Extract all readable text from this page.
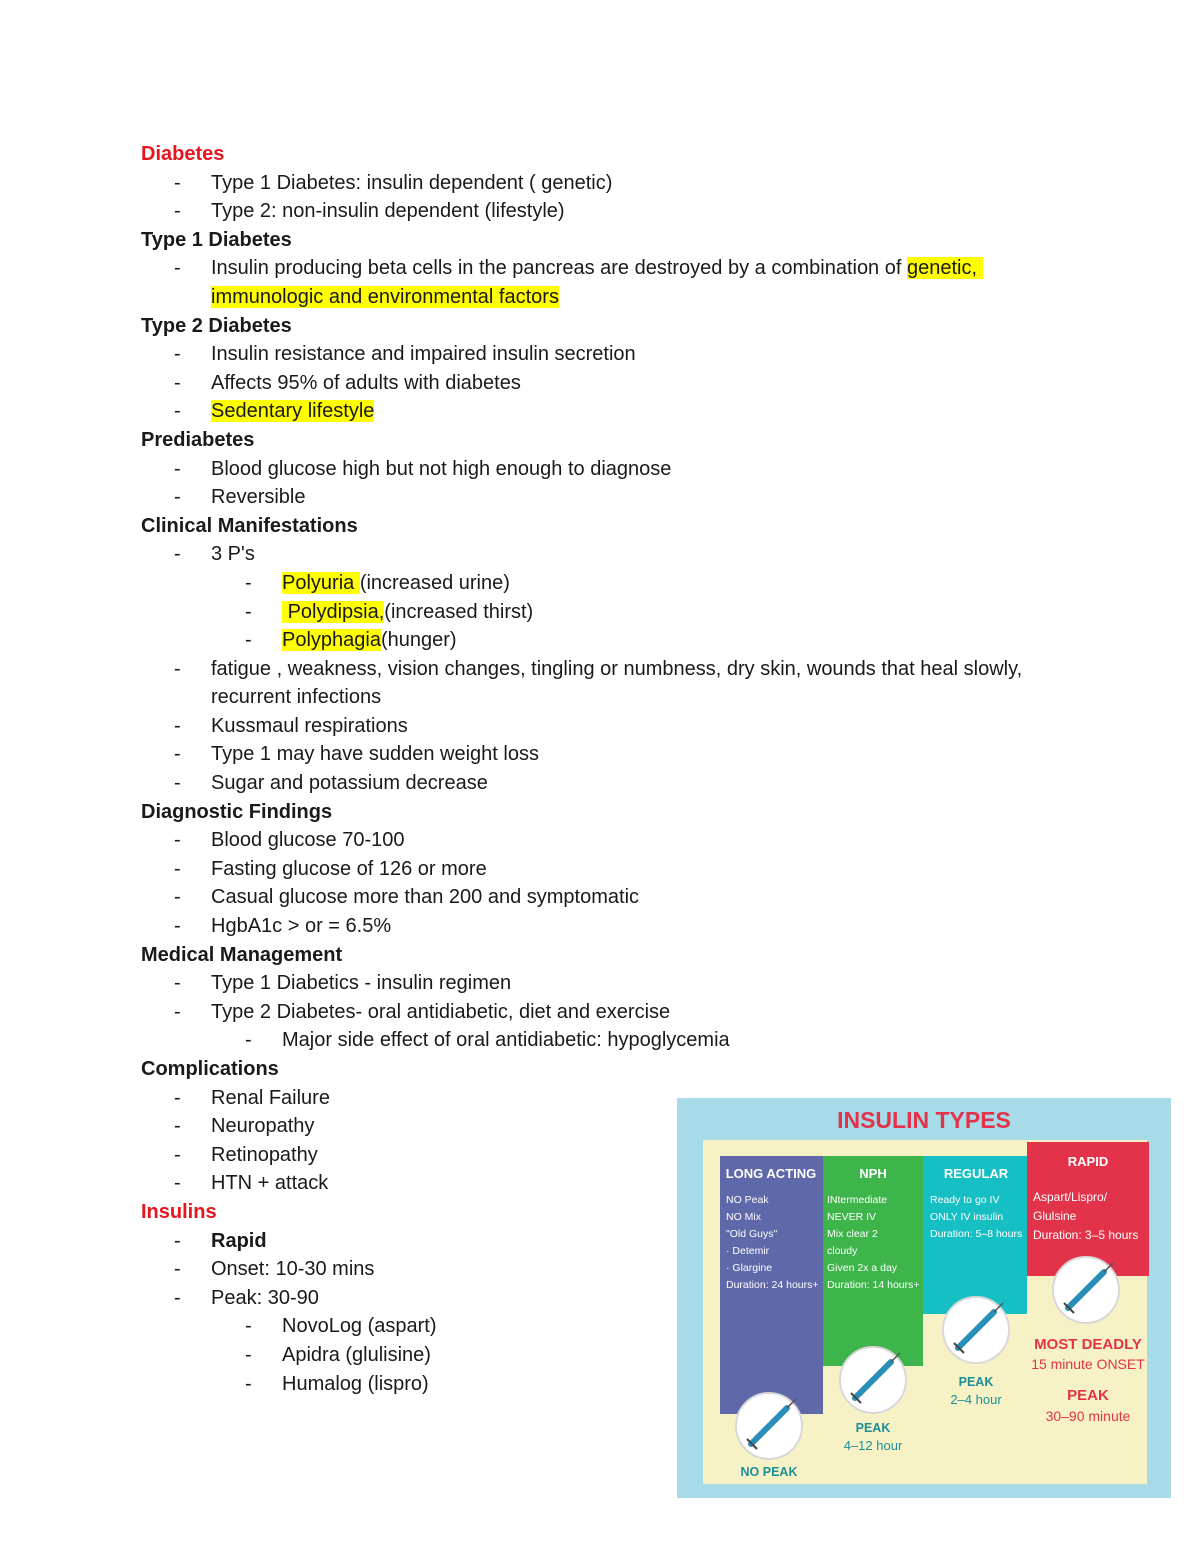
Diabetes
- Type 1 Diabetes: insulin dependent ( genetic)
- Type 2: non-insulin dependent (lifestyle)
Type 1 Diabetes
- Insulin producing beta cells in the pancreas are destroyed by a combination of genetic, immunologic and environmental factors
Type 2 Diabetes
- Insulin resistance and impaired insulin secretion
- Affects 95% of adults with diabetes
- Sedentary lifestyle
Prediabetes
- Blood glucose high but not high enough to diagnose
- Reversible
Clinical Manifestations
- 3 P's
- Polyuria (increased urine)
- Polydipsia,(increased thirst)
- Polyphagia(hunger)
- fatigue , weakness, vision changes, tingling or numbness, dry skin, wounds that heal slowly, recurrent infections
- Kussmaul respirations
- Type 1 may have sudden weight loss
- Sugar and potassium decrease
Diagnostic Findings
- Blood glucose 70-100
- Fasting glucose of 126 or more
- Casual glucose more than 200 and symptomatic
- HgbA1c > or = 6.5%
Medical Management
- Type 1 Diabetics - insulin regimen
- Type 2 Diabetes- oral antidiabetic, diet and exercise
- Major side effect of oral antidiabetic: hypoglycemia
Complications
- Renal Failure
- Neuropathy
- Retinopathy
- HTN + attack
Insulins
- Rapid
- Onset: 10-30 mins
- Peak: 30-90
- NovoLog (aspart)
- Apidra (glulisine)
- Humalog (lispro)
INSULIN TYPES
LONG ACTING
NO Peak
NO Mix
"Old Guys"
· Detemir
· Glargine
Duration: 24 hours+
NO PEAK
NPH
INtermediate
NEVER IV
Mix clear 2
cloudy
Given 2x a day
Duration: 14 hours+
PEAK
4–12 hour
REGULAR
Ready to go IV
ONLY IV insulin
Duration: 5–8 hours
PEAK
2–4 hour
RAPID
Aspart/Lispro/
Glulsine
Duration: 3–5 hours
PEAK
30–90 minute
MOST DEADLY
15 minute ONSET
